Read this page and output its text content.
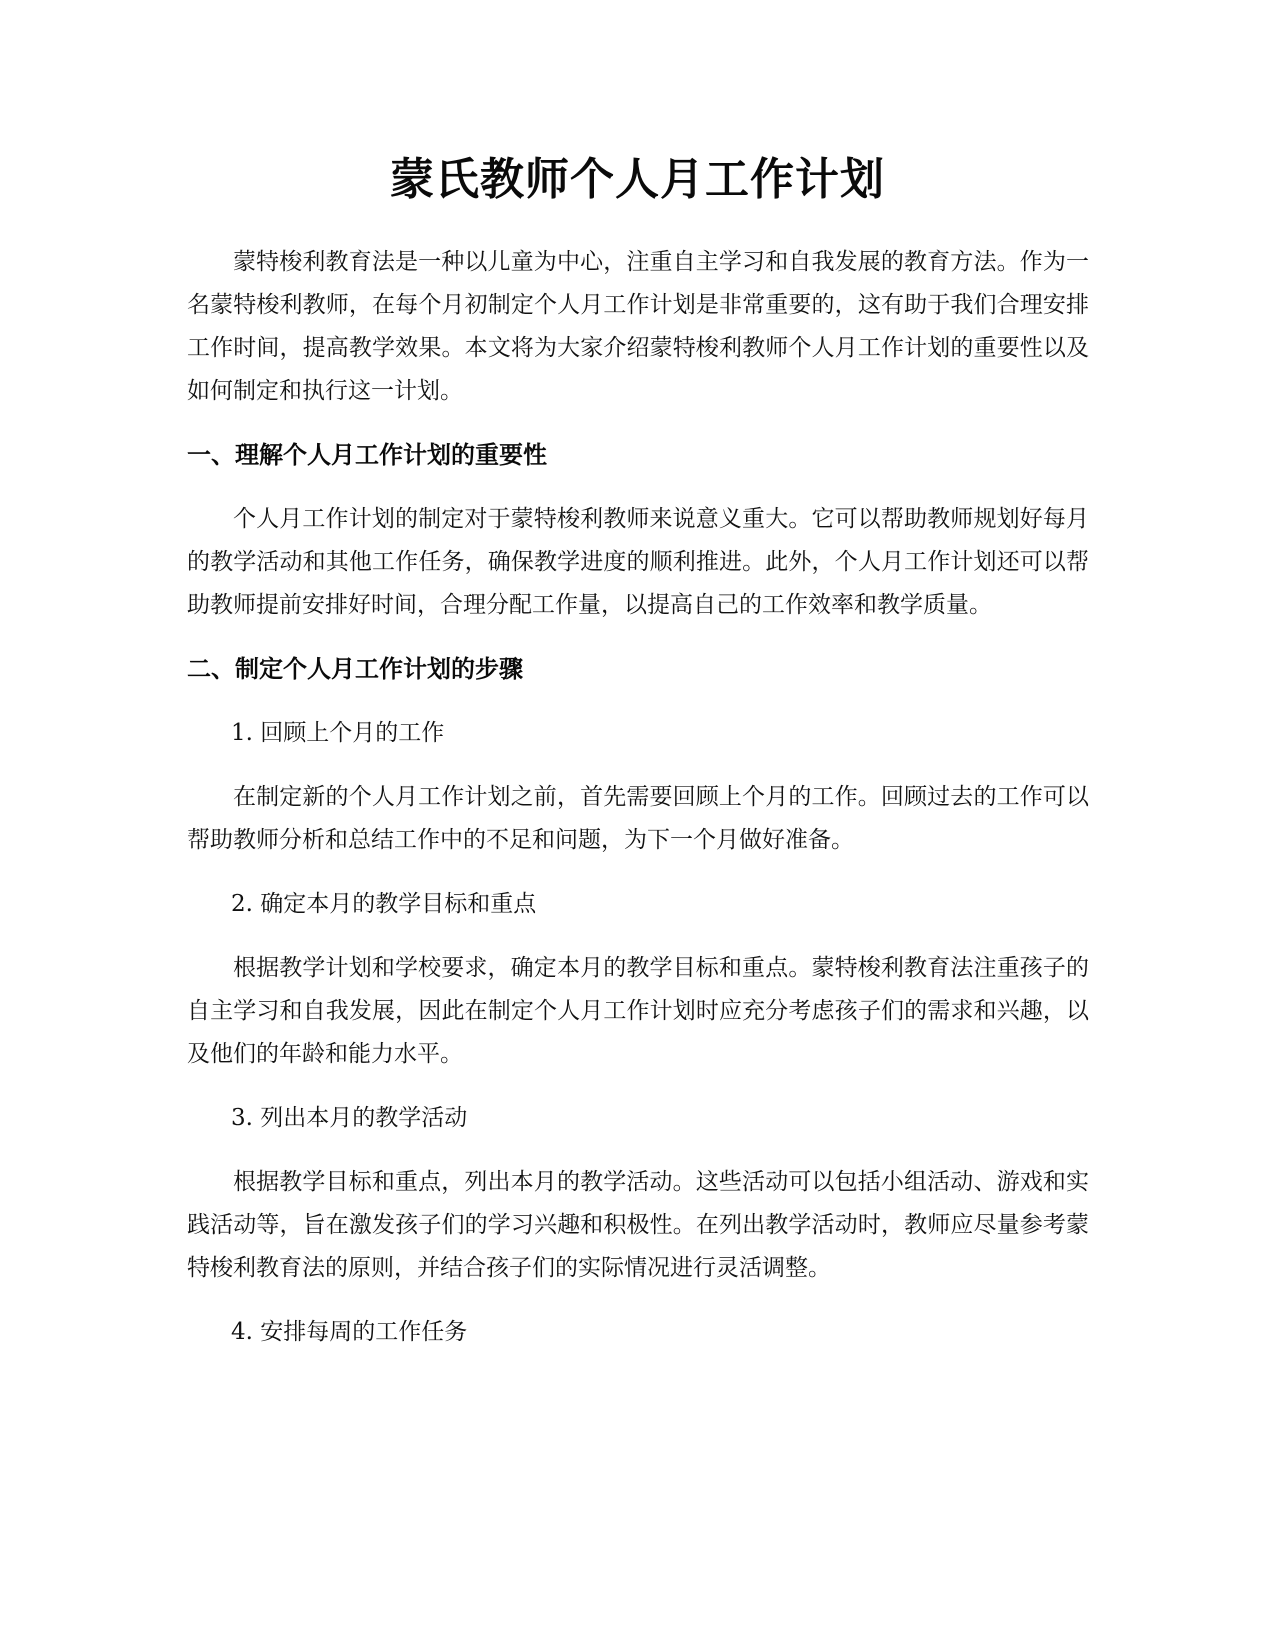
蒙氏教师个人月工作计划

蒙特梭利教育法是一种以儿童为中心，注重自主学习和自我发展的教育方法。作为一名蒙特梭利教师，在每个月初制定个人月工作计划是非常重要的，这有助于我们合理安排工作时间，提高教学效果。本文将为大家介绍蒙特梭利教师个人月工作计划的重要性以及如何制定和执行这一计划。

一、理解个人月工作计划的重要性

个人月工作计划的制定对于蒙特梭利教师来说意义重大。它可以帮助教师规划好每月的教学活动和其他工作任务，确保教学进度的顺利推进。此外，个人月工作计划还可以帮助教师提前安排好时间，合理分配工作量，以提高自己的工作效率和教学质量。

二、制定个人月工作计划的步骤

1. 回顾上个月的工作

在制定新的个人月工作计划之前，首先需要回顾上个月的工作。回顾过去的工作可以帮助教师分析和总结工作中的不足和问题，为下一个月做好准备。

2. 确定本月的教学目标和重点

根据教学计划和学校要求，确定本月的教学目标和重点。蒙特梭利教育法注重孩子的自主学习和自我发展，因此在制定个人月工作计划时应充分考虑孩子们的需求和兴趣，以及他们的年龄和能力水平。

3. 列出本月的教学活动

根据教学目标和重点，列出本月的教学活动。这些活动可以包括小组活动、游戏和实践活动等，旨在激发孩子们的学习兴趣和积极性。在列出教学活动时，教师应尽量参考蒙特梭利教育法的原则，并结合孩子们的实际情况进行灵活调整。

4. 安排每周的工作任务
